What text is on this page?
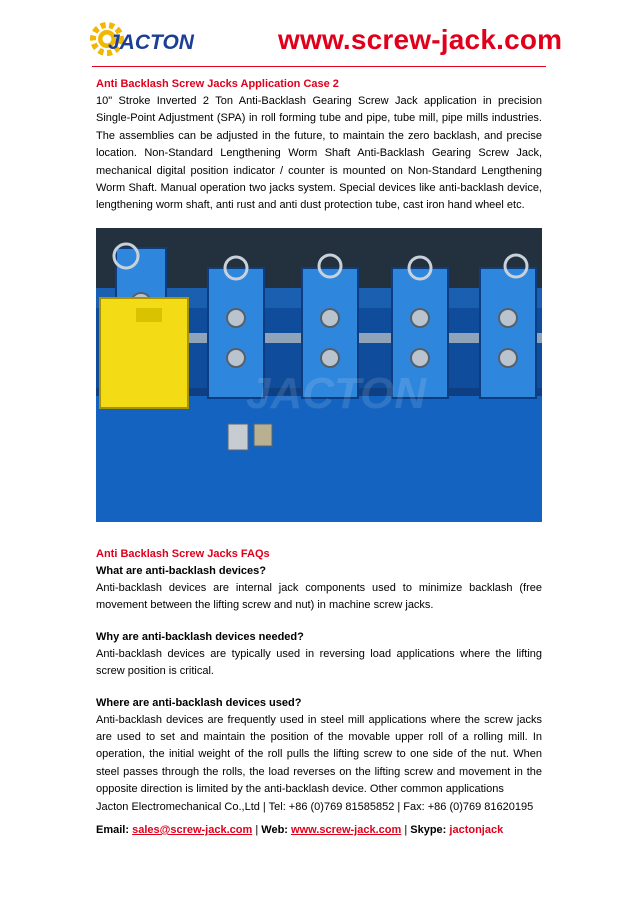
JACTON	www.screw-jack.com
Anti Backlash Screw Jacks Application Case 2

10" Stroke Inverted 2 Ton Anti-Backlash Gearing Screw Jack application in precision Single-Point Adjustment (SPA) in roll forming tube and pipe, tube mill, pipe mills industries. The assemblies can be adjusted in the future, to maintain the zero backlash, and precise location. Non-Standard Lengthening Worm Shaft Anti-Backlash Gearing Screw Jack, mechanical digital position indicator / counter is mounted on Non-Standard Lengthening Worm Shaft. Manual operation two jacks system. Special devices like anti-backlash device, lengthening worm shaft, anti rust and anti dust protection tube, cast iron hand wheel etc.

JACTON
Anti Backlash Screw Jacks FAQs
What are anti-backlash devices?

Anti-backlash devices are internal jack components used to minimize backlash (free movement between the lifting screw and nut) in machine screw jacks.

Why are anti-backlash devices needed?

Anti-backlash devices are typically used in reversing load applications where the lifting screw position is critical.

Where are anti-backlash devices used?

Anti-backlash devices are frequently used in steel mill applications where the screw jacks are used to set and maintain the position of the movable upper roll of a rolling mill. In operation, the initial weight of the roll pulls the lifting screw to one side of the nut. When steel passes through the rolls, the load reverses on the lifting screw and movement in the opposite direction is limited by the anti-backlash device. Other common applications

Jacton Electromechanical Co.,Ltd | Tel: +86 (0)769 81585852 | Fax: +86 (0)769 81620195

Email: sales@screw-jack.com | Web: www.screw-jack.com | Skype: jactonjack
